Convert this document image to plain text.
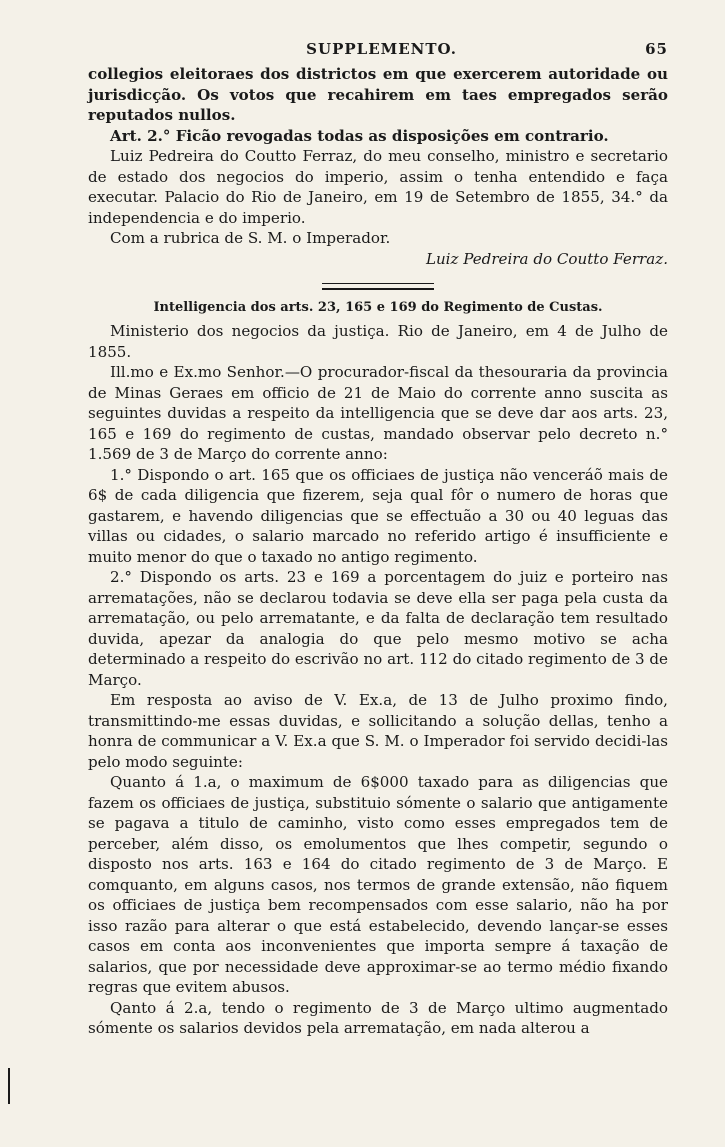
SUPPLEMENTO.	65

collegios eleitoraes dos districtos em que exercerem autoridade ou jurisdicção. Os votos que recahirem em taes empregados serão reputados nullos.

Art. 2.° Ficão revogadas todas as disposições em contrario.

Luiz Pedreira do Coutto Ferraz, do meu conselho, ministro e secretario de estado dos negocios do imperio, assim o tenha entendido e faça executar. Palacio do Rio de Janeiro, em 19 de Setembro de 1855, 34.° da independencia e do imperio.

Com a rubrica de S. M. o Imperador.

Luiz Pedreira do Coutto Ferraz.

Intelligencia dos arts. 23, 165 e 169 do Regimento de Custas.

Ministerio dos negocios da justiça. Rio de Janeiro, em 4 de Julho de 1855.

Ill.mo e Ex.mo Senhor.—O procurador-fiscal da thesouraria da provincia de Minas Geraes em officio de 21 de Maio do corrente anno suscita as seguintes duvidas a respeito da intelligencia que se deve dar aos arts. 23, 165 e 169 do regimento de custas, mandado observar pelo decreto n.° 1.569 de 3 de Março do corrente anno:

1.° Dispondo o art. 165 que os officiaes de justiça não venceráõ mais de 6$ de cada diligencia que fizerem, seja qual fôr o numero de horas que gastarem, e havendo diligencias que se effectuão a 30 ou 40 leguas das villas ou cidades, o salario marcado no referido artigo é insufficiente e muito menor do que o taxado no antigo regimento.

2.° Dispondo os arts. 23 e 169 a porcentagem do juiz e porteiro nas arrematações, não se declarou todavia se deve ella ser paga pela custa da arrematação, ou pelo arrematante, e da falta de declaração tem resultado duvida, apezar da analogia do que pelo mesmo motivo se acha determinado a respeito do escrivão no art. 112 do citado regimento de 3 de Março.

Em resposta ao aviso de V. Ex.a, de 13 de Julho proximo findo, transmittindo-me essas duvidas, e sollicitando a solução dellas, tenho a honra de communicar a V. Ex.a que S. M. o Imperador foi servido decidi-las pelo modo seguinte:

Quanto á 1.a, o maximum de 6$000 taxado para as diligencias que fazem os officiaes de justiça, substituio sómente o salario que antigamente se pagava a titulo de caminho, visto como esses empregados tem de perceber, além disso, os emolumentos que lhes competir, segundo o disposto nos arts. 163 e 164 do citado regimento de 3 de Março. E comquanto, em alguns casos, nos termos de grande extensão, não fiquem os officiaes de justiça bem recompensados com esse salario, não ha por isso razão para alterar o que está estabelecido, devendo lançar-se esses casos em conta aos inconvenientes que importa sempre á taxação de salarios, que por necessidade deve approximar-se ao termo médio fixando regras que evitem abusos.

Qanto á 2.a, tendo o regimento de 3 de Março ultimo augmentado sómente os salarios devidos pela arrematação, em nada alterou a
